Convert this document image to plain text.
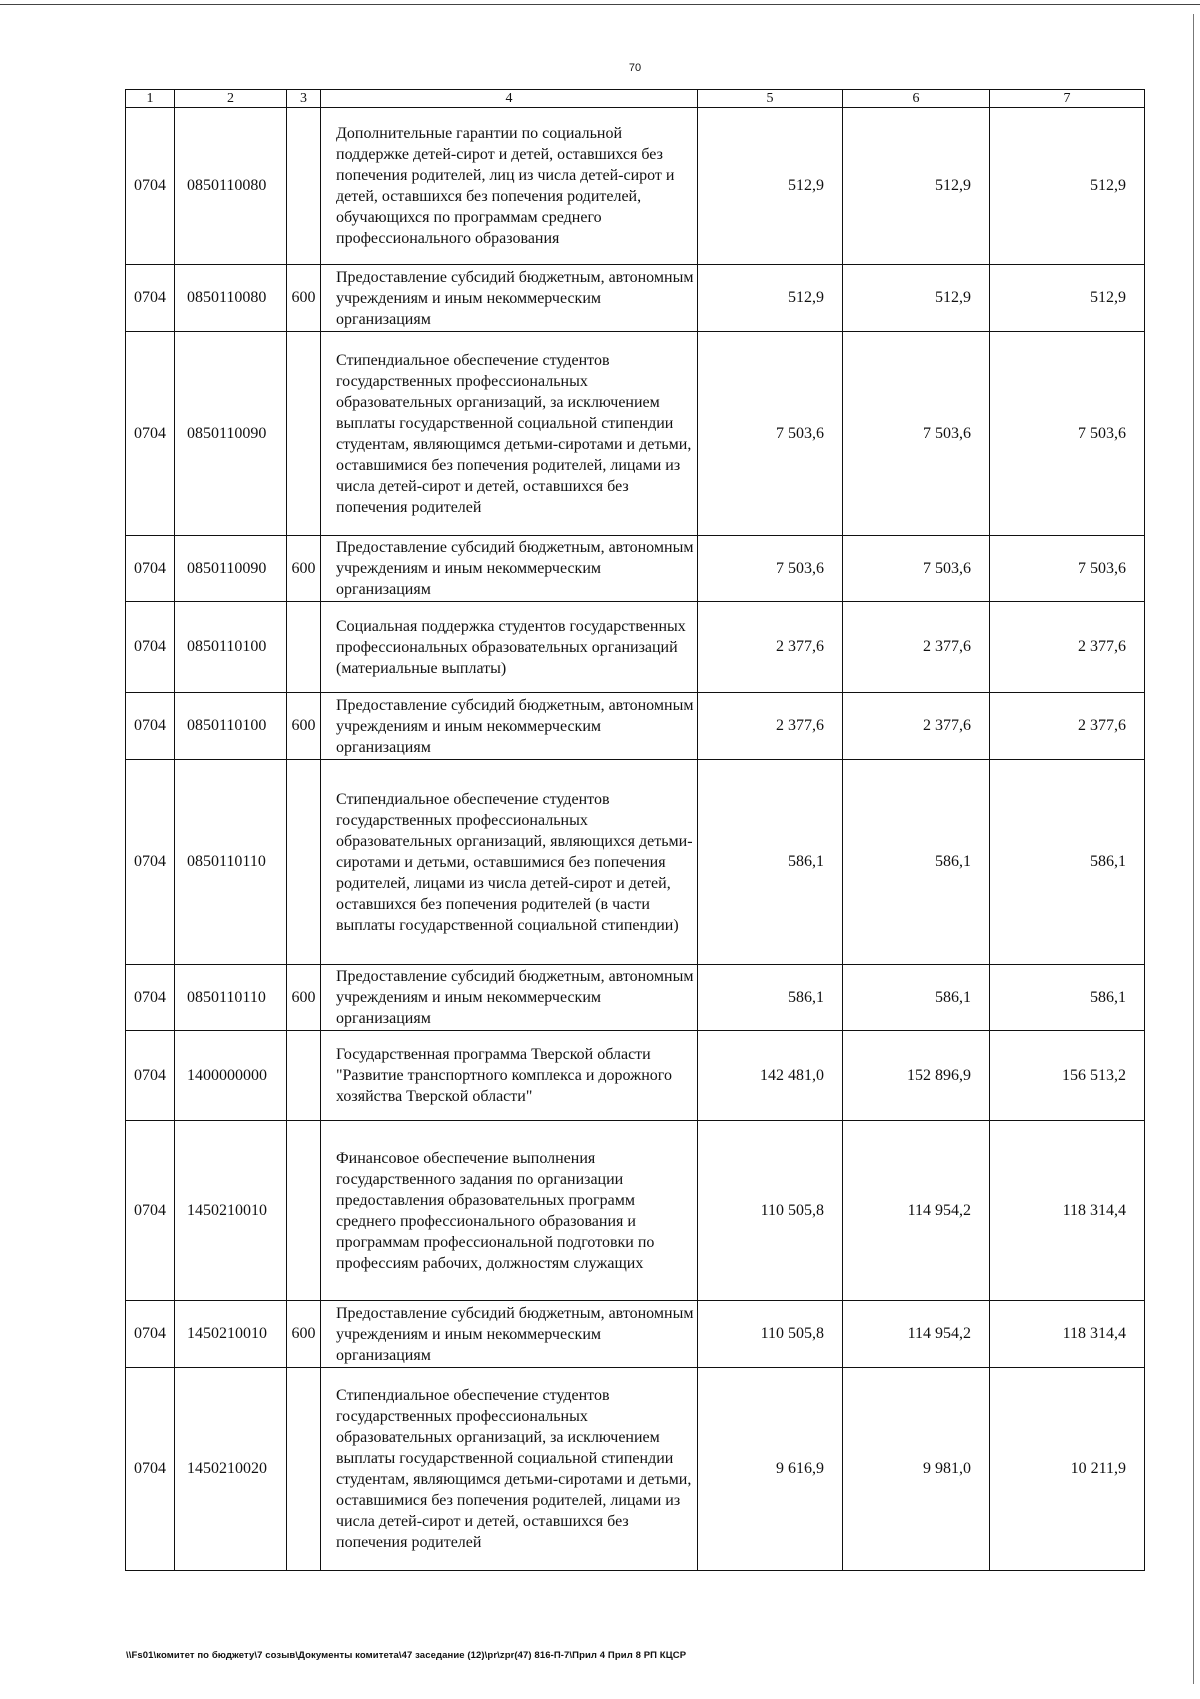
70
1	2	3	4	5	6	7
0704	0850110080		Дополнительные гарантии по социальной поддержке детей-сирот и детей, оставшихся без попечения родителей, лиц из числа детей-сирот и детей, оставшихся без попечения родителей, обучающихся по программам среднего профессионального образования	512,9	512,9	512,9
0704	0850110080	600	Предоставление субсидий бюджетным, автономным учреждениям и иным некоммерческим организациям	512,9	512,9	512,9
0704	0850110090		Стипендиальное обеспечение студентов государственных профессиональных образовательных организаций, за исключением выплаты государственной социальной стипендии студентам, являющимся детьми-сиротами и детьми, оставшимися без попечения родителей, лицами из числа детей-сирот и детей, оставшихся без попечения родителей	7 503,6	7 503,6	7 503,6
0704	0850110090	600	Предоставление субсидий бюджетным, автономным учреждениям и иным некоммерческим организациям	7 503,6	7 503,6	7 503,6
0704	0850110100		Социальная поддержка студентов государственных профессиональных образовательных организаций (материальные выплаты)	2 377,6	2 377,6	2 377,6
0704	0850110100	600	Предоставление субсидий бюджетным, автономным учреждениям и иным некоммерческим организациям	2 377,6	2 377,6	2 377,6
0704	0850110110		Стипендиальное обеспечение студентов государственных профессиональных образовательных организаций, являющихся детьми-сиротами и детьми, оставшимися без попечения родителей, лицами из числа детей-сирот и детей, оставшихся без попечения родителей (в части выплаты государственной социальной стипендии)	586,1	586,1	586,1
0704	0850110110	600	Предоставление субсидий бюджетным, автономным учреждениям и иным некоммерческим организациям	586,1	586,1	586,1
0704	1400000000		Государственная программа Тверской области "Развитие транспортного комплекса и дорожного хозяйства Тверской области"	142 481,0	152 896,9	156 513,2
0704	1450210010		Финансовое обеспечение выполнения государственного задания по организации предоставления образовательных программ среднего профессионального образования и программам профессиональной подготовки по профессиям рабочих, должностям служащих	110 505,8	114 954,2	118 314,4
0704	1450210010	600	Предоставление субсидий бюджетным, автономным учреждениям и иным некоммерческим организациям	110 505,8	114 954,2	118 314,4
0704	1450210020		Стипендиальное обеспечение студентов государственных профессиональных образовательных организаций, за исключением выплаты государственной социальной стипендии студентам, являющимся детьми-сиротами и детьми, оставшимися без попечения родителей, лицами из числа детей-сирот и детей, оставшихся без попечения родителей	9 616,9	9 981,0	10 211,9
\\Fs01\комитет по бюджету\7 созыв\Документы комитета\47 заседание (12)\pr\zpr(47) 816-П-7\Прил 4 Прил 8 РП КЦСР
